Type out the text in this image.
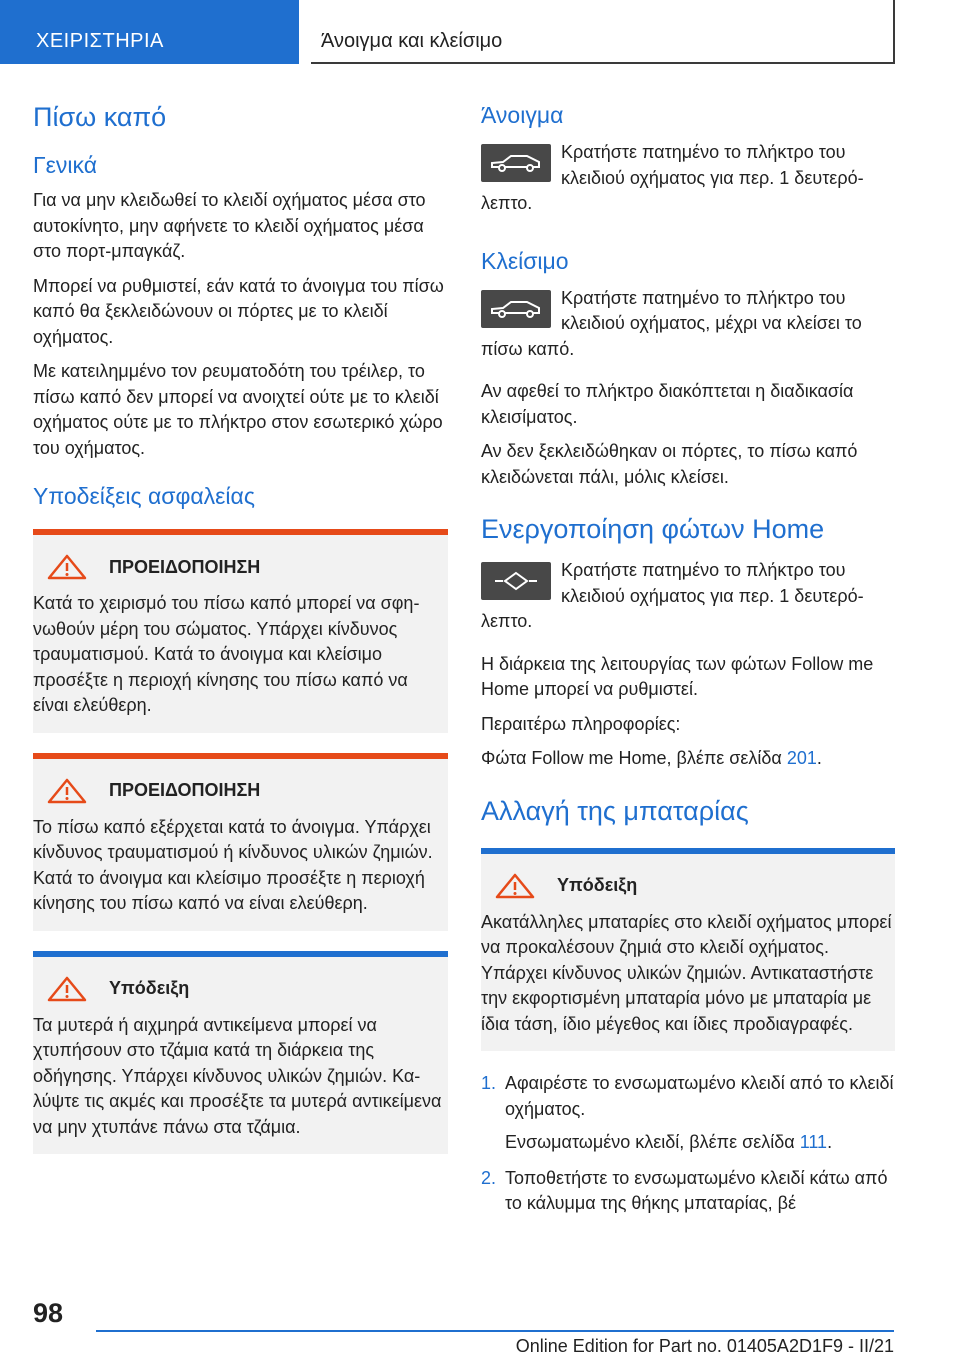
ΧΕΙΡΙΣΤΗΡΙΑ	Άνοιγμα και κλείσιμο
Πίσω καπό
Γενικά

Για να μην κλειδωθεί το κλειδί οχήματος μέσα στο αυτοκίνητο, μην αφήνετε το κλειδί οχήματος μέσα στο πορτ-μπαγκάζ.

Μπορεί να ρυθμιστεί, εάν κατά το άνοιγμα του πίσω καπό θα ξεκλειδώνουν οι πόρτες με το κλειδί οχήματος.

Με κατειλημμένο τον ρευματοδότη του τρέιλερ, το πίσω καπό δεν μπορεί να ανοιχτεί ούτε με το κλειδί οχήματος ούτε με το πλήκτρο στον εσωτερικό χώρο του οχήματος.

Υποδείξεις ασφαλείας
ΠΡΟΕΙΔΟΠΟΙΗΣΗ

Κατά το χειρισμό του πίσω καπό μπορεί να σφηνωθούν μέρη του σώματος. Υπάρχει κίνδυνος τραυματισμού. Κατά το άνοιγμα και κλείσιμο προσέξτε η περιοχή κίνησης του πίσω καπό να είναι ελεύθερη.

ΠΡΟΕΙΔΟΠΟΙΗΣΗ

Το πίσω καπό εξέρχεται κατά το άνοιγμα. Υπάρχει κίνδυνος τραυματισμού ή κίνδυνος υλικών ζημιών. Κατά το άνοιγμα και κλείσιμο προσέξτε η περιοχή κίνησης του πίσω καπό να είναι ελεύθερη.

Υπόδειξη

Τα μυτερά ή αιχμηρά αντικείμενα μπορεί να χτυπήσουν στο τζάμια κατά τη διάρκεια της οδήγησης. Υπάρχει κίνδυνος υλικών ζημιών. Καλύψτε τις ακμές και προσέξτε τα μυτερά αντικείμενα να μην χτυπάνε πάνω στα τζάμια.

Άνοιγμα

Κρατήστε πατημένο το πλήκτρο του κλειδιού οχήματος για περ. 1 δευτερόλεπτο.

Κλείσιμο

Κρατήστε πατημένο το πλήκτρο του κλειδιού οχήματος, μέχρι να κλείσει το πίσω καπό.

Αν αφεθεί το πλήκτρο διακόπτεται η διαδικασία κλεισίματος.

Αν δεν ξεκλειδώθηκαν οι πόρτες, το πίσω καπό κλειδώνεται πάλι, μόλις κλείσει.

Ενεργοποίηση φώτων Home

Κρατήστε πατημένο το πλήκτρο του κλειδιού οχήματος για περ. 1 δευτερόλεπτο.

Η διάρκεια της λειτουργίας των φώτων Follow me Home μπορεί να ρυθμιστεί.

Περαιτέρω πληροφορίες:

Φώτα Follow me Home, βλέπε σελίδα 201.

Αλλαγή της μπαταρίας
Υπόδειξη

Ακατάλληλες μπαταρίες στο κλειδί οχήματος μπορεί να προκαλέσουν ζημιά στο κλειδί οχήματος. Υπάρχει κίνδυνος υλικών ζημιών. Αντικαταστήστε την εκφορτισμένη μπαταρία μόνο με μπαταρία με ίδια τάση, ίδιο μέγεθος και ίδιες προδιαγραφές.

1. Αφαιρέστε το ενσωματωμένο κλειδί από το κλειδί οχήματος.

Ενσωματωμένο κλειδί, βλέπε σελίδα 111.

2. Τοποθετήστε το ενσωματωμένο κλειδί κάτω από το κάλυμμα της θήκης μπαταρίας, βέ
98
Online Edition for Part no. 01405A2D1F9 - II/21
